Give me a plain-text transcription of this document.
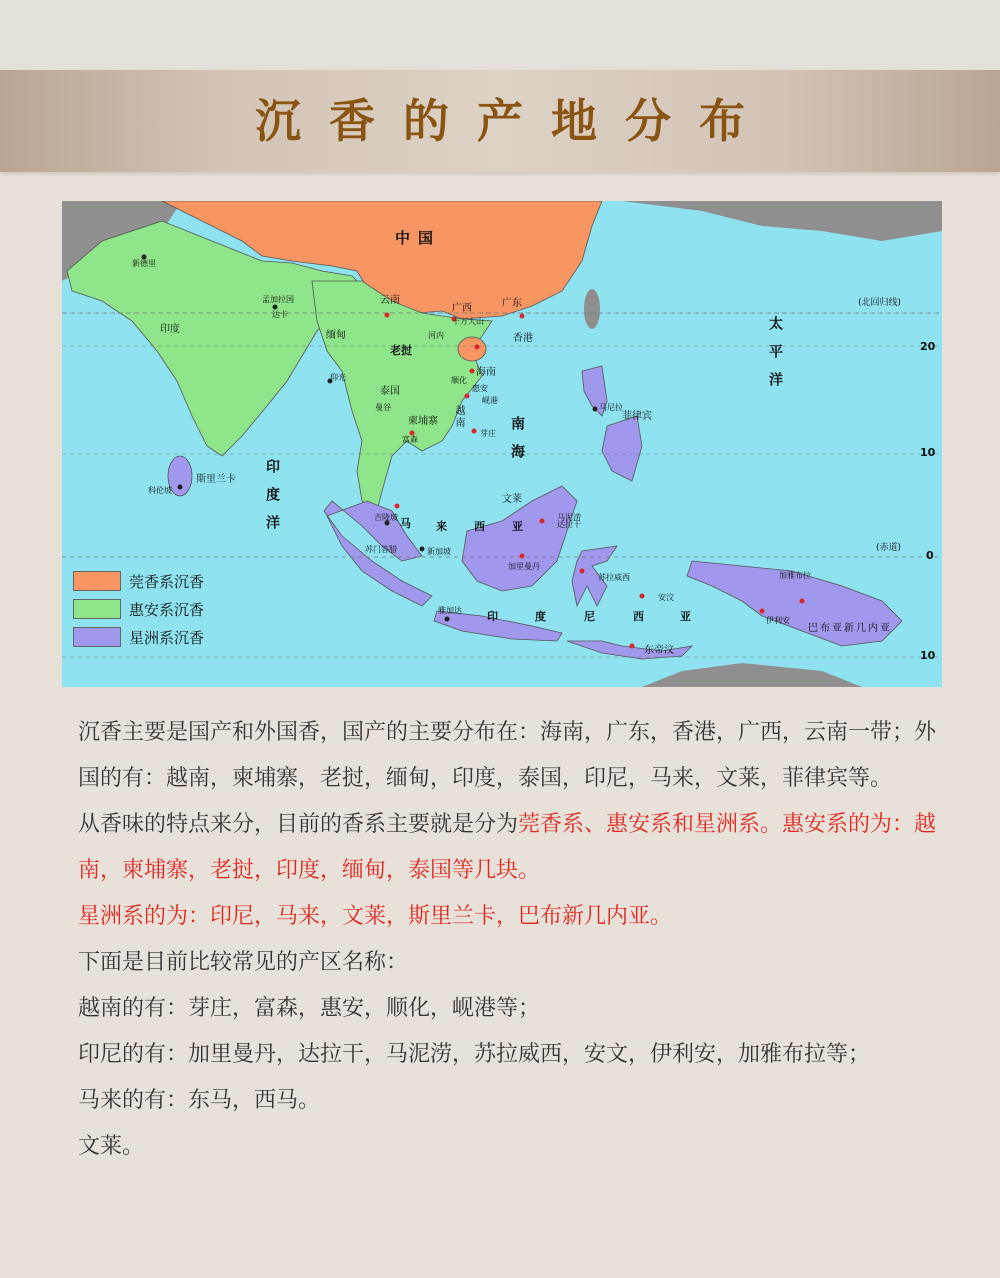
沉香的产地分布
中国
新德里
孟加拉国
达卡
印度
缅甸
仰光
云南
广西	广东
十万大山
香港
海南
河内
老挝
泰国
曼谷
柬埔寨
惠安
顺化
岘港
富森
芽庄
越南
斯里兰卡
科伦坡
菲律宾
马尼拉
文莱
吉隆坡
新加坡
苏门答腊
雅加达
加里曼丹
达拉干
马泥涝
苏拉威西
安汶
伊利安
加雅布拉
东帝汶
巴布亚新几内亚
太平洋
印度洋
南海
(北回归线)
(赤道)
20
10
0
10
马 来 西 亚
印	度	尼	西	亚
莞香系沉香
惠安系沉香
星洲系沉香

沉香主要是国产和外国香，国产的主要分布在：海南，广东，香港，广西，云南一带；外国的有：越南，柬埔寨，老挝，缅甸，印度，泰国，印尼，马来，文莱，菲律宾等。

从香味的特点来分，目前的香系主要就是分为莞香系、惠安系和星洲系。惠安系的为：越南，柬埔寨，老挝，印度，缅甸，泰国等几块。

星洲系的为：印尼，马来，文莱，斯里兰卡，巴布新几内亚。

下面是目前比较常见的产区名称：

越南的有：芽庄，富森，惠安，顺化，岘港等；

印尼的有：加里曼丹，达拉干，马泥涝，苏拉威西，安文，伊利安，加雅布拉等；

马来的有：东马，西马。

文莱。
